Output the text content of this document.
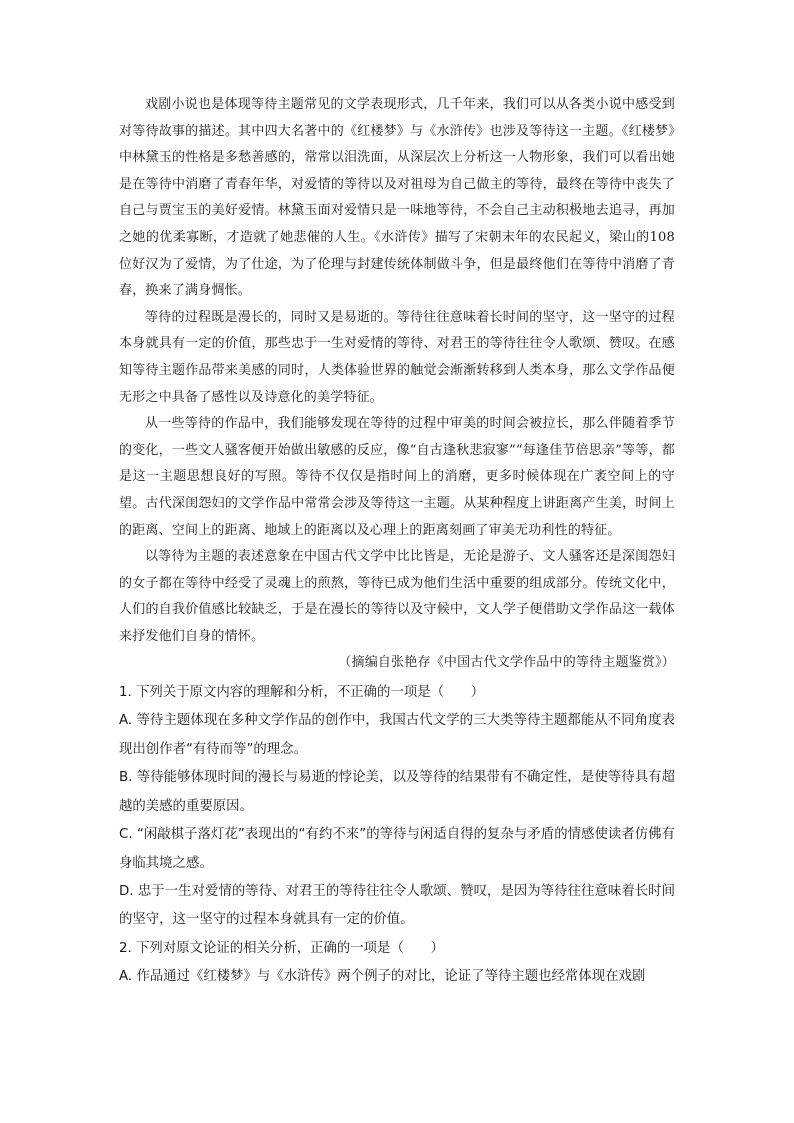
戏剧小说也是体现等待主题常见的文学表现形式，几千年来，我们可以从各类小说中感受到对等待故事的描述。其中四大名著中的《红楼梦》与《水浒传》也涉及等待这一主题。《红楼梦》中林黛玉的性格是多愁善感的，常常以泪洗面，从深层次上分析这一人物形象，我们可以看出她是在等待中消磨了青春年华，对爱情的等待以及对祖母为自己做主的等待，最终在等待中丧失了自己与贾宝玉的美好爱情。林黛玉面对爱情只是一味地等待，不会自己主动积极地去追寻，再加之她的优柔寡断，才造就了她悲催的人生。《水浒传》描写了宋朝末年的农民起义，梁山的108位好汉为了爱情，为了仕途，为了伦理与封建传统体制做斗争，但是最终他们在等待中消磨了青春，换来了满身惆怅。

等待的过程既是漫长的，同时又是易逝的。等待往往意味着长时间的坚守，这一坚守的过程本身就具有一定的价值，那些忠于一生对爱情的等待、对君王的等待往往令人歌颂、赞叹。在感知等待主题作品带来美感的同时，人类体验世界的触觉会渐渐转移到人类本身，那么文学作品便无形之中具备了感性以及诗意化的美学特征。

从一些等待的作品中，我们能够发现在等待的过程中审美的时间会被拉长，那么伴随着季节的变化，一些文人骚客便开始做出敏感的反应，像“自古逢秋悲寂寥”“每逢佳节倍思亲”等等，都是这一主题思想良好的写照。等待不仅仅是指时间上的消磨，更多时候体现在广袤空间上的守望。古代深闺怨妇的文学作品中常常会涉及等待这一主题。从某种程度上讲距离产生美，时间上的距离、空间上的距离、地域上的距离以及心理上的距离刻画了审美无功利性的特征。

以等待为主题的表述意象在中国古代文学中比比皆是，无论是游子、文人骚客还是深闺怨妇的女子都在等待中经受了灵魂上的煎熬，等待已成为他们生活中重要的组成部分。传统文化中，人们的自我价值感比较缺乏，于是在漫长的等待以及守候中，文人学子便借助文学作品这一载体来抒发他们自身的情怀。

（摘编自张艳存《中国古代文学作品中的等待主题鉴赏》）

1. 下列关于原文内容的理解和分析，不正确的一项是（　　）

A. 等待主题体现在多种文学作品的创作中，我国古代文学的三大类等待主题都能从不同角度表现出创作者“有待而等”的理念。

B. 等待能够体现时间的漫长与易逝的悖论美，以及等待的结果带有不确定性，是使等待具有超越的美感的重要原因。

C. “闲敲棋子落灯花”表现出的“有约不来”的等待与闲适自得的复杂与矛盾的情感使读者仿佛有身临其境之感。

D. 忠于一生对爱情的等待、对君王的等待往往令人歌颂、赞叹，是因为等待往往意味着长时间的坚守，这一坚守的过程本身就具有一定的价值。

2. 下列对原文论证的相关分析，正确的一项是（　　）

A. 作品通过《红楼梦》与《水浒传》两个例子的对比，论证了等待主题也经常体现在戏剧
